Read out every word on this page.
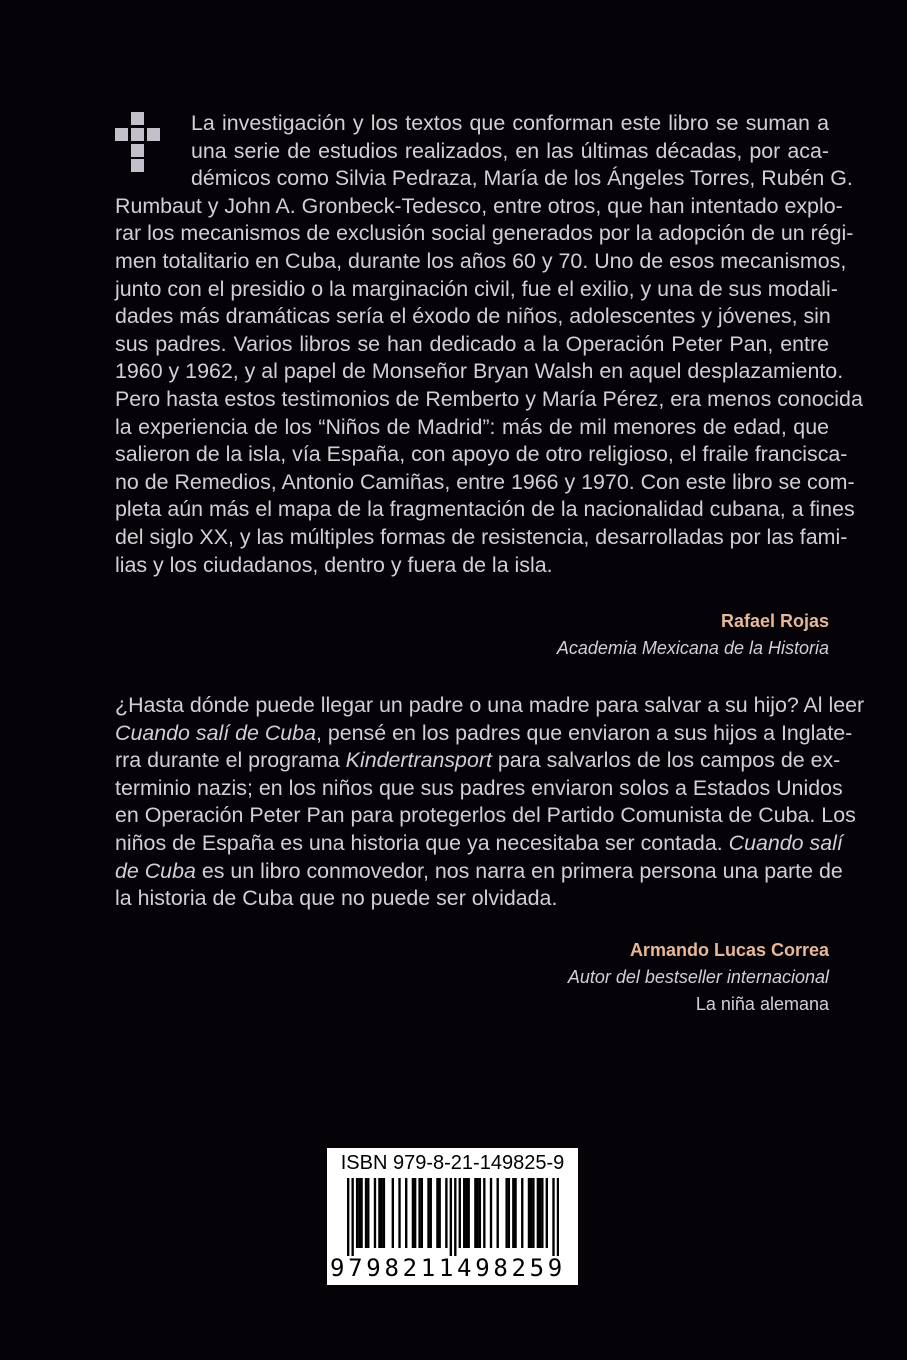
La investigación y los textos que conforman este libro se suman a
una serie de estudios realizados, en las últimas décadas, por aca-
démicos como Silvia Pedraza, María de los Ángeles Torres, Rubén G.
Rumbaut y John A. Gronbeck-Tedesco, entre otros, que han intentado explo-
rar los mecanismos de exclusión social generados por la adopción de un régi-
men totalitario en Cuba, durante los años 60 y 70. Uno de esos mecanismos,
junto con el presidio o la marginación civil, fue el exilio, y una de sus modali-
dades más dramáticas sería el éxodo de niños, adolescentes y jóvenes, sin
sus padres. Varios libros se han dedicado a la Operación Peter Pan, entre
1960 y 1962, y al papel de Monseñor Bryan Walsh en aquel desplazamiento.
Pero hasta estos testimonios de Remberto y María Pérez, era menos conocida
la experiencia de los “Niños de Madrid”: más de mil menores de edad, que
salieron de la isla, vía España, con apoyo de otro religioso, el fraile franciscа-
no de Remedios, Antonio Camiñas, entre 1966 y 1970. Con este libro se com-
pleta aún más el mapa de la fragmentación de la nacionalidad cubana, a fines
del siglo XX, y las múltiples formas de resistencia, desarrolladas por las fami-
lias y los ciudadanos, dentro y fuera de la isla.
Rafael Rojas
Academia Mexicana de la Historia
¿Hasta dónde puede llegar un padre o una madre para salvar a su hijo? Al leer
Cuando salí de Cuba, pensé en los padres que enviaron a sus hijos a Inglate-
rra durante el programa Kindertransport para salvarlos de los campos de ex-
terminio nazis; en los niños que sus padres enviaron solos a Estados Unidos
en Operación Peter Pan para protegerlos del Partido Comunista de Cuba. Los
niños de España es una historia que ya necesitaba ser contada. Cuando salí
de Cuba es un libro conmovedor, nos narra en primera persona una parte de
la historia de Cuba que no puede ser olvidada.
Armando Lucas Correa
Autor del bestseller internacional
La niña alemana
ISBN 979-8-21-149825-9
9798211498259
